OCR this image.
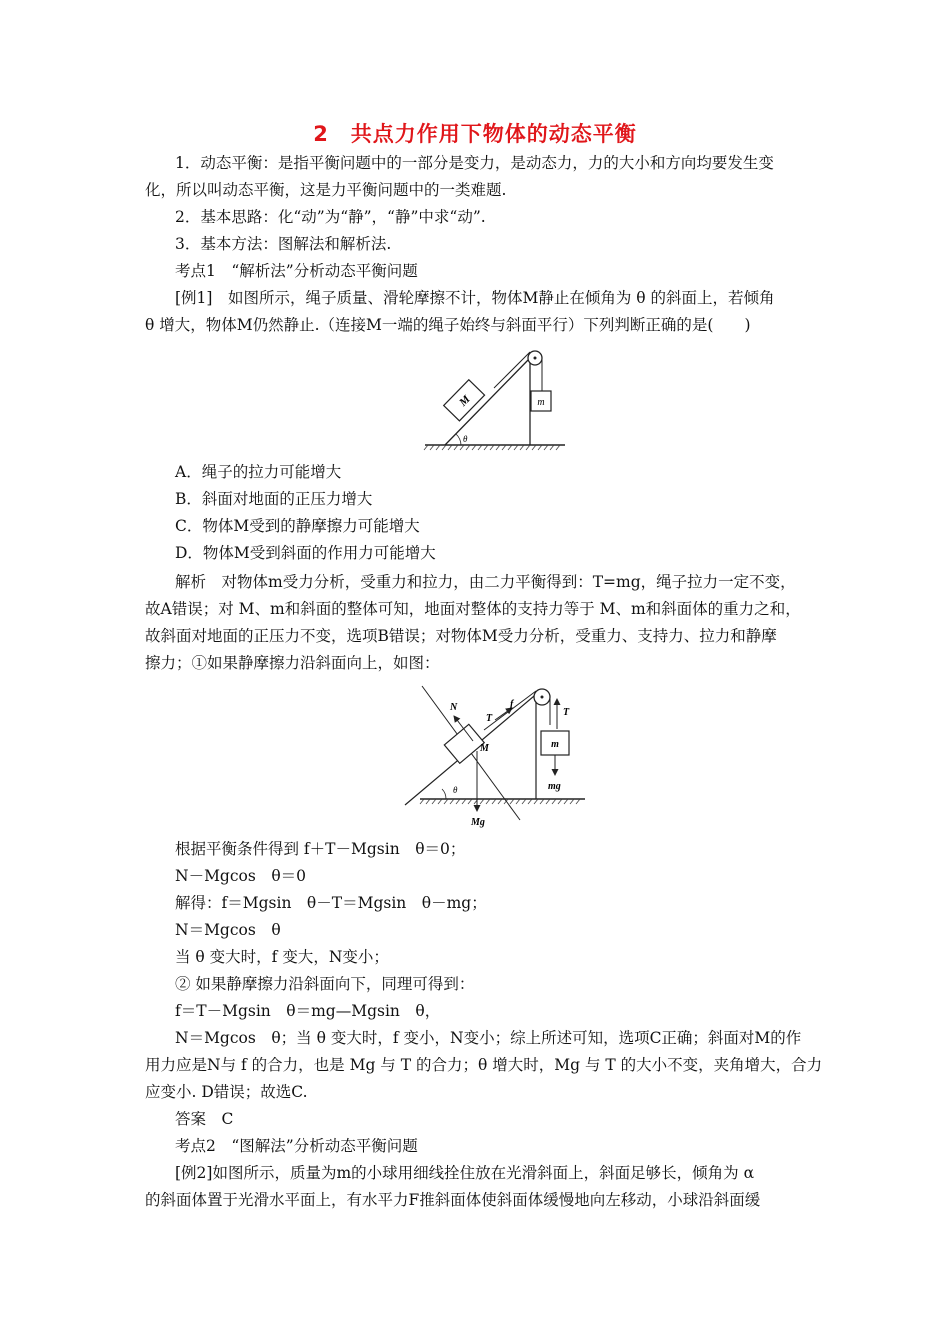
2　共点力作用下物体的动态平衡
1．动态平衡：是指平衡问题中的一部分是变力，是动态力，力的大小和方向均要发生变
化，所以叫动态平衡，这是力平衡问题中的一类难题.
2．基本思路：化“动”为“静”，“静”中求“动”.
3．基本方法：图解法和解析法.
考点1　“解析法”分析动态平衡问题
[例1]　如图所示，绳子质量、滑轮摩擦不计，物体M静止在倾角为 θ 的斜面上，若倾角
θ 增大，物体M仍然静止.（连接M一端的绳子始终与斜面平行）下列判断正确的是(　　)
m
M
θ
A．绳子的拉力可能增大
B．斜面对地面的正压力增大
C．物体M受到的静摩擦力可能增大
D．物体M受到斜面的作用力可能增大
解析　对物体m受力分析，受重力和拉力，由二力平衡得到：T=mg，绳子拉力一定不变，
故A错误；对 M、m和斜面的整体可知，地面对整体的支持力等于 M、m和斜面体的重力之和，
故斜面对地面的正压力不变，选项B错误；对物体M受力分析，受重力、支持力、拉力和静摩
擦力；①如果静摩擦力沿斜面向上，如图：
m
T
mg
M
f
T
N
Mg
θ
根据平衡条件得到 f＋T－Mgsin　θ＝0；
N－Mgcos　θ＝0
解得：f＝Mgsin　θ－T＝Mgsin　θ－mg；
N＝Mgcos　θ
当 θ 变大时，f 变大，N变小；
② 如果静摩擦力沿斜面向下，同理可得到：
f＝T－Mgsin　θ＝mg—Mgsin　θ，
N＝Mgcos　θ；当 θ 变大时，f 变小，N变小；综上所述可知，选项C正确；斜面对M的作
用力应是N与 f 的合力，也是 Mg 与 T 的合力；θ 增大时，Mg 与 T 的大小不变，夹角增大，合力
应变小. D错误；故选C.
答案　C
考点2　“图解法”分析动态平衡问题
[例2]如图所示，质量为m的小球用细线拴住放在光滑斜面上，斜面足够长，倾角为 α
的斜面体置于光滑水平面上，有水平力F推斜面体使斜面体缓慢地向左移动，小球沿斜面缓
